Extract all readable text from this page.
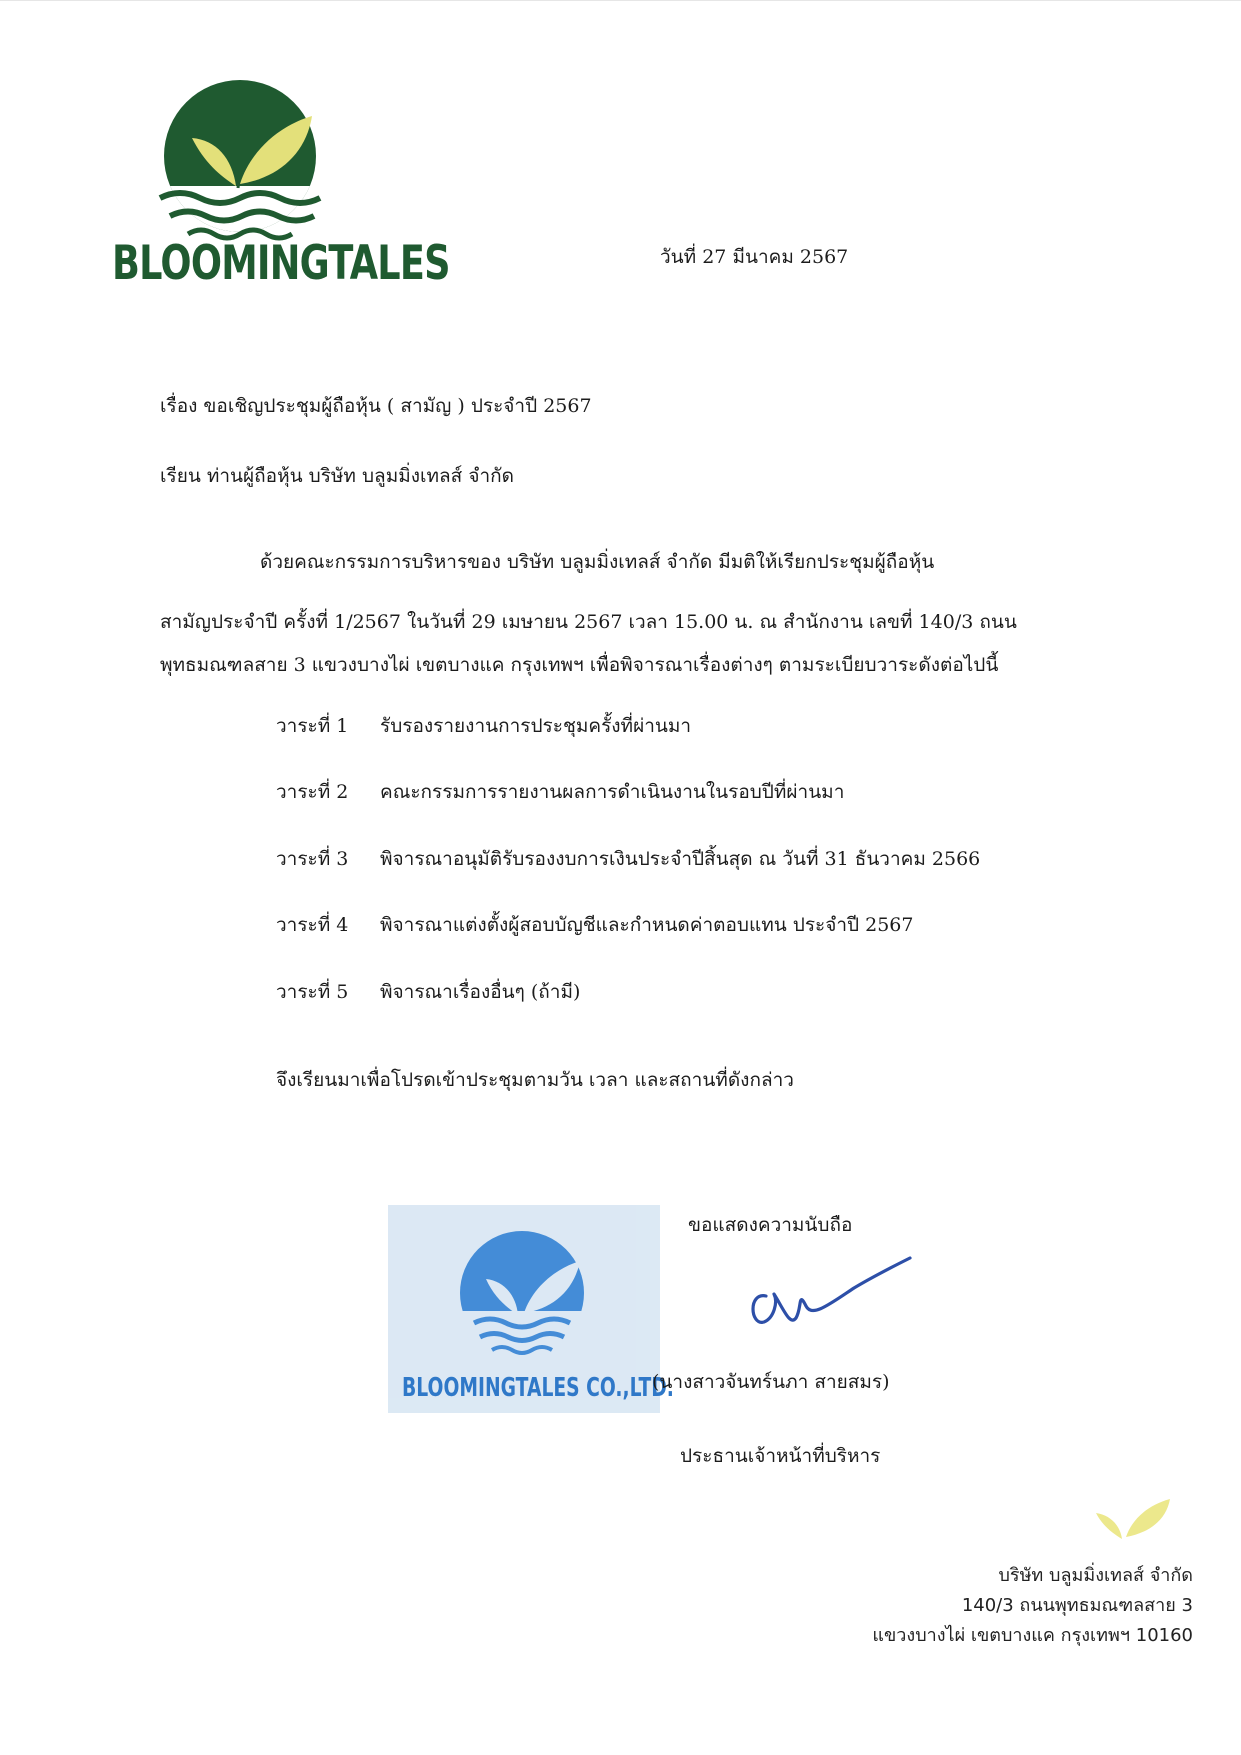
BLOOMINGTALES	วันที่ 27 มีนาคม 2567
เรื่อง ขอเชิญประชุมผู้ถือหุ้น ( สามัญ ) ประจำปี 2567
เรียน ท่านผู้ถือหุ้น บริษัท บลูมมิ่งเทลส์ จำกัด
ด้วยคณะกรรมการบริหารของ บริษัท บลูมมิ่งเทลส์ จำกัด มีมติให้เรียกประชุมผู้ถือหุ้น
สามัญประจำปี ครั้งที่ 1/2567 ในวันที่ 29 เมษายน 2567 เวลา 15.00 น. ณ สำนักงาน เลขที่ 140/3 ถนน
พุทธมณฑลสาย 3 แขวงบางไผ่ เขตบางแค กรุงเทพฯ เพื่อพิจารณาเรื่องต่างๆ ตามระเบียบวาระดังต่อไปนี้
วาระที่ 1 รับรองรายงานการประชุมครั้งที่ผ่านมา
วาระที่ 2 คณะกรรมการรายงานผลการดำเนินงานในรอบปีที่ผ่านมา
วาระที่ 3 พิจารณาอนุมัติรับรองงบการเงินประจำปีสิ้นสุด ณ วันที่ 31 ธันวาคม 2566
วาระที่ 4 พิจารณาแต่งตั้งผู้สอบบัญชีและกำหนดค่าตอบแทน ประจำปี 2567
วาระที่ 5 พิจารณาเรื่องอื่นๆ (ถ้ามี)
จึงเรียนมาเพื่อโปรดเข้าประชุมตามวัน เวลา และสถานที่ดังกล่าว
BLOOMINGTALES CO.,LTD.
ขอแสดงความนับถือ
(นางสาวจันทร์นภา สายสมร)
ประธานเจ้าหน้าที่บริหาร
บริษัท บลูมมิ่งเทลส์ จำกัด
140/3 ถนนพุทธมณฑลสาย 3
แขวงบางไผ่ เขตบางแค กรุงเทพฯ 10160
